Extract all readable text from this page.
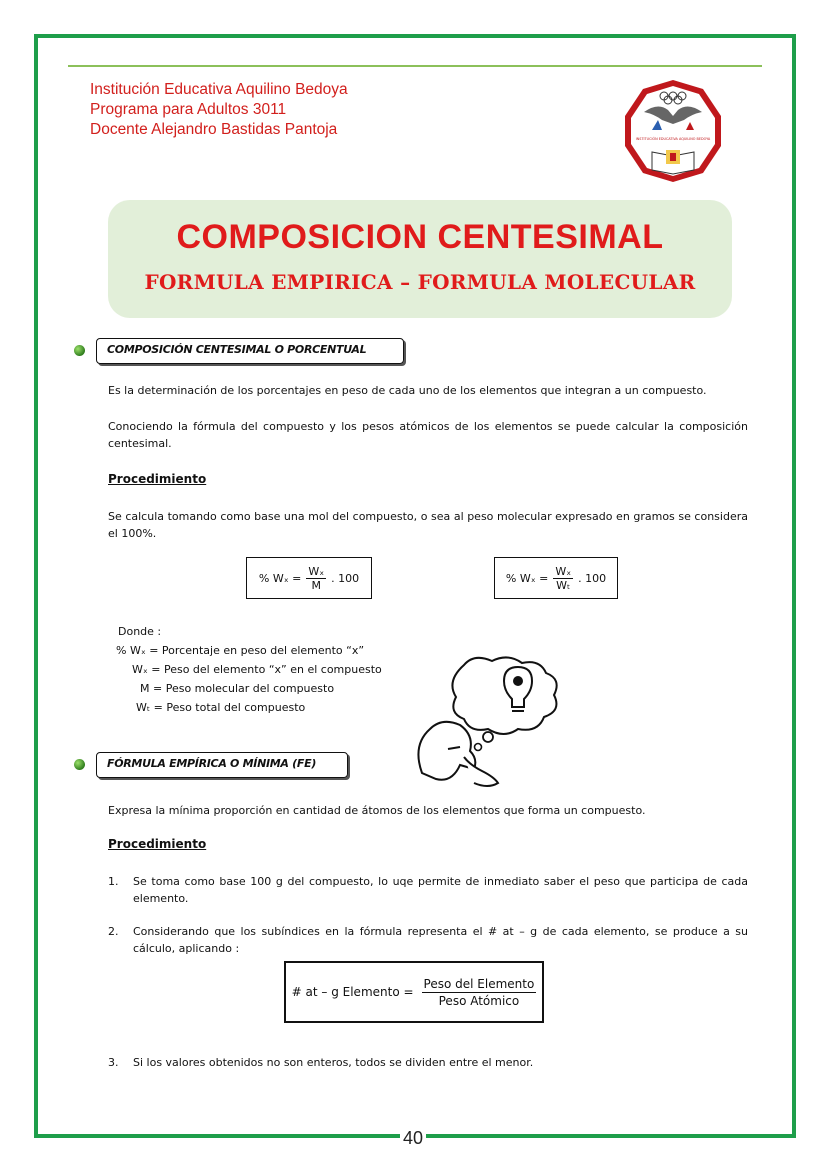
Institución Educativa Aquilino Bedoya
Programa para Adultos 3011
Docente Alejandro Bastidas Pantoja
INSTITUCIÓN EDUCATIVA AQUILINO BEDOYA
COMPOSICION CENTESIMAL
FORMULA EMPIRICA – FORMULA MOLECULAR
COMPOSICIÓN CENTESIMAL O PORCENTUAL
Es la determinación de los porcentajes en peso de cada uno de los elementos que integran a un compuesto.
Conociendo la fórmula del compuesto y los pesos atómicos de los elementos se puede calcular la composición centesimal.
Procedimiento
Se calcula tomando como base una mol del compuesto, o sea al peso molecular expresado en gramos se considera el 100%.
% $W_x = \frac{\text{Wₓ}}{M}$ . 100	% $W_x = \frac{\text{Wₓ}}{\text{Wₜ}}$ . 100
Donde :
% Wₓ = Porcentaje en peso del elemento “x”
Wₓ = Peso del elemento “x” en el compuesto
M = Peso molecular del compuesto
Wₜ = Peso total del compuesto
FÓRMULA EMPÍRICA O MÍNIMA (FE)
Expresa la mínima proporción en cantidad de átomos de los elementos que forma un compuesto.
Procedimiento
1. Se toma como base 100 g del compuesto, lo uqe permite de inmediato saber el peso que participa de cada elemento.
2. Considerando que los subíndices en la fórmula representa el # at – g de cada elemento, se produce a su cálculo, aplicando :
3. Si los valores obtenidos no son enteros, todos se dividen entre el menor.
# at – g Elemento = $\frac{\text{Peso del Elemento}}{\text{Peso Atómico}}$
40
